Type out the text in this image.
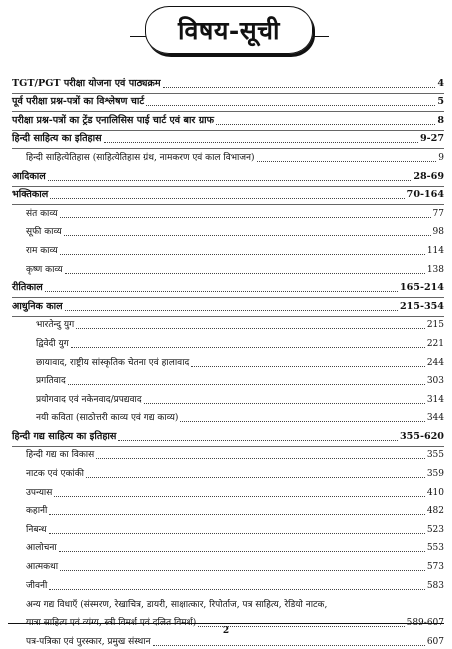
विषय-सूची
TGT/PGT परीक्षा योजना एवं पाठ्यक्रम	4
पूर्व परीक्षा प्रश्न-पत्रों का विश्लेषण चार्ट	5
परीक्षा प्रश्न-पत्रों का ट्रेंड एनालिसिस पाई चार्ट एवं बार ग्राफ	8
हिन्दी साहित्य का इतिहास	9-27
हिन्दी साहित्येतिहास (साहित्येतिहास ग्रंथ, नामकरण एवं काल विभाजन)	9
आदिकाल	28-69
भक्तिकाल	70-164
संत काव्य	77
सूफी काव्य	98
राम काव्य	114
कृष्ण काव्य	138
रीतिकाल	165-214
आधुनिक काल	215-354
भारतेन्दु युग	215
द्विवेदी युग	221
छायावाद, राष्ट्रीय सांस्कृतिक चेतना एवं हालावाद	244
प्रगतिवाद	303
प्रयोगवाद एवं नकेनवाद/प्रपद्यवाद	314
नयी कविता (साठोत्तरी काव्य एवं गद्य काव्य)	344
हिन्दी गद्य साहित्य का इतिहास	355-620
हिन्दी गद्य का विकास	355
नाटक एवं एकांकी	359
उपन्यास	410
कहानी	482
निबन्ध	523
आलोचना	553
आत्मकथा	573
जीवनी	583
अन्य गद्य विधाएँ (संस्मरण, रेखाचित्र, डायरी, साक्षात्कार, रिपोर्ताज, पत्र साहित्य, रेडियो नाटक,
यात्रा साहित्य एवं व्यंग्य, स्त्री विमर्श एवं दलित विमर्श)	589-607
पत्र-पत्रिका एवं पुरस्कार, प्रमुख संस्थान	607
2
